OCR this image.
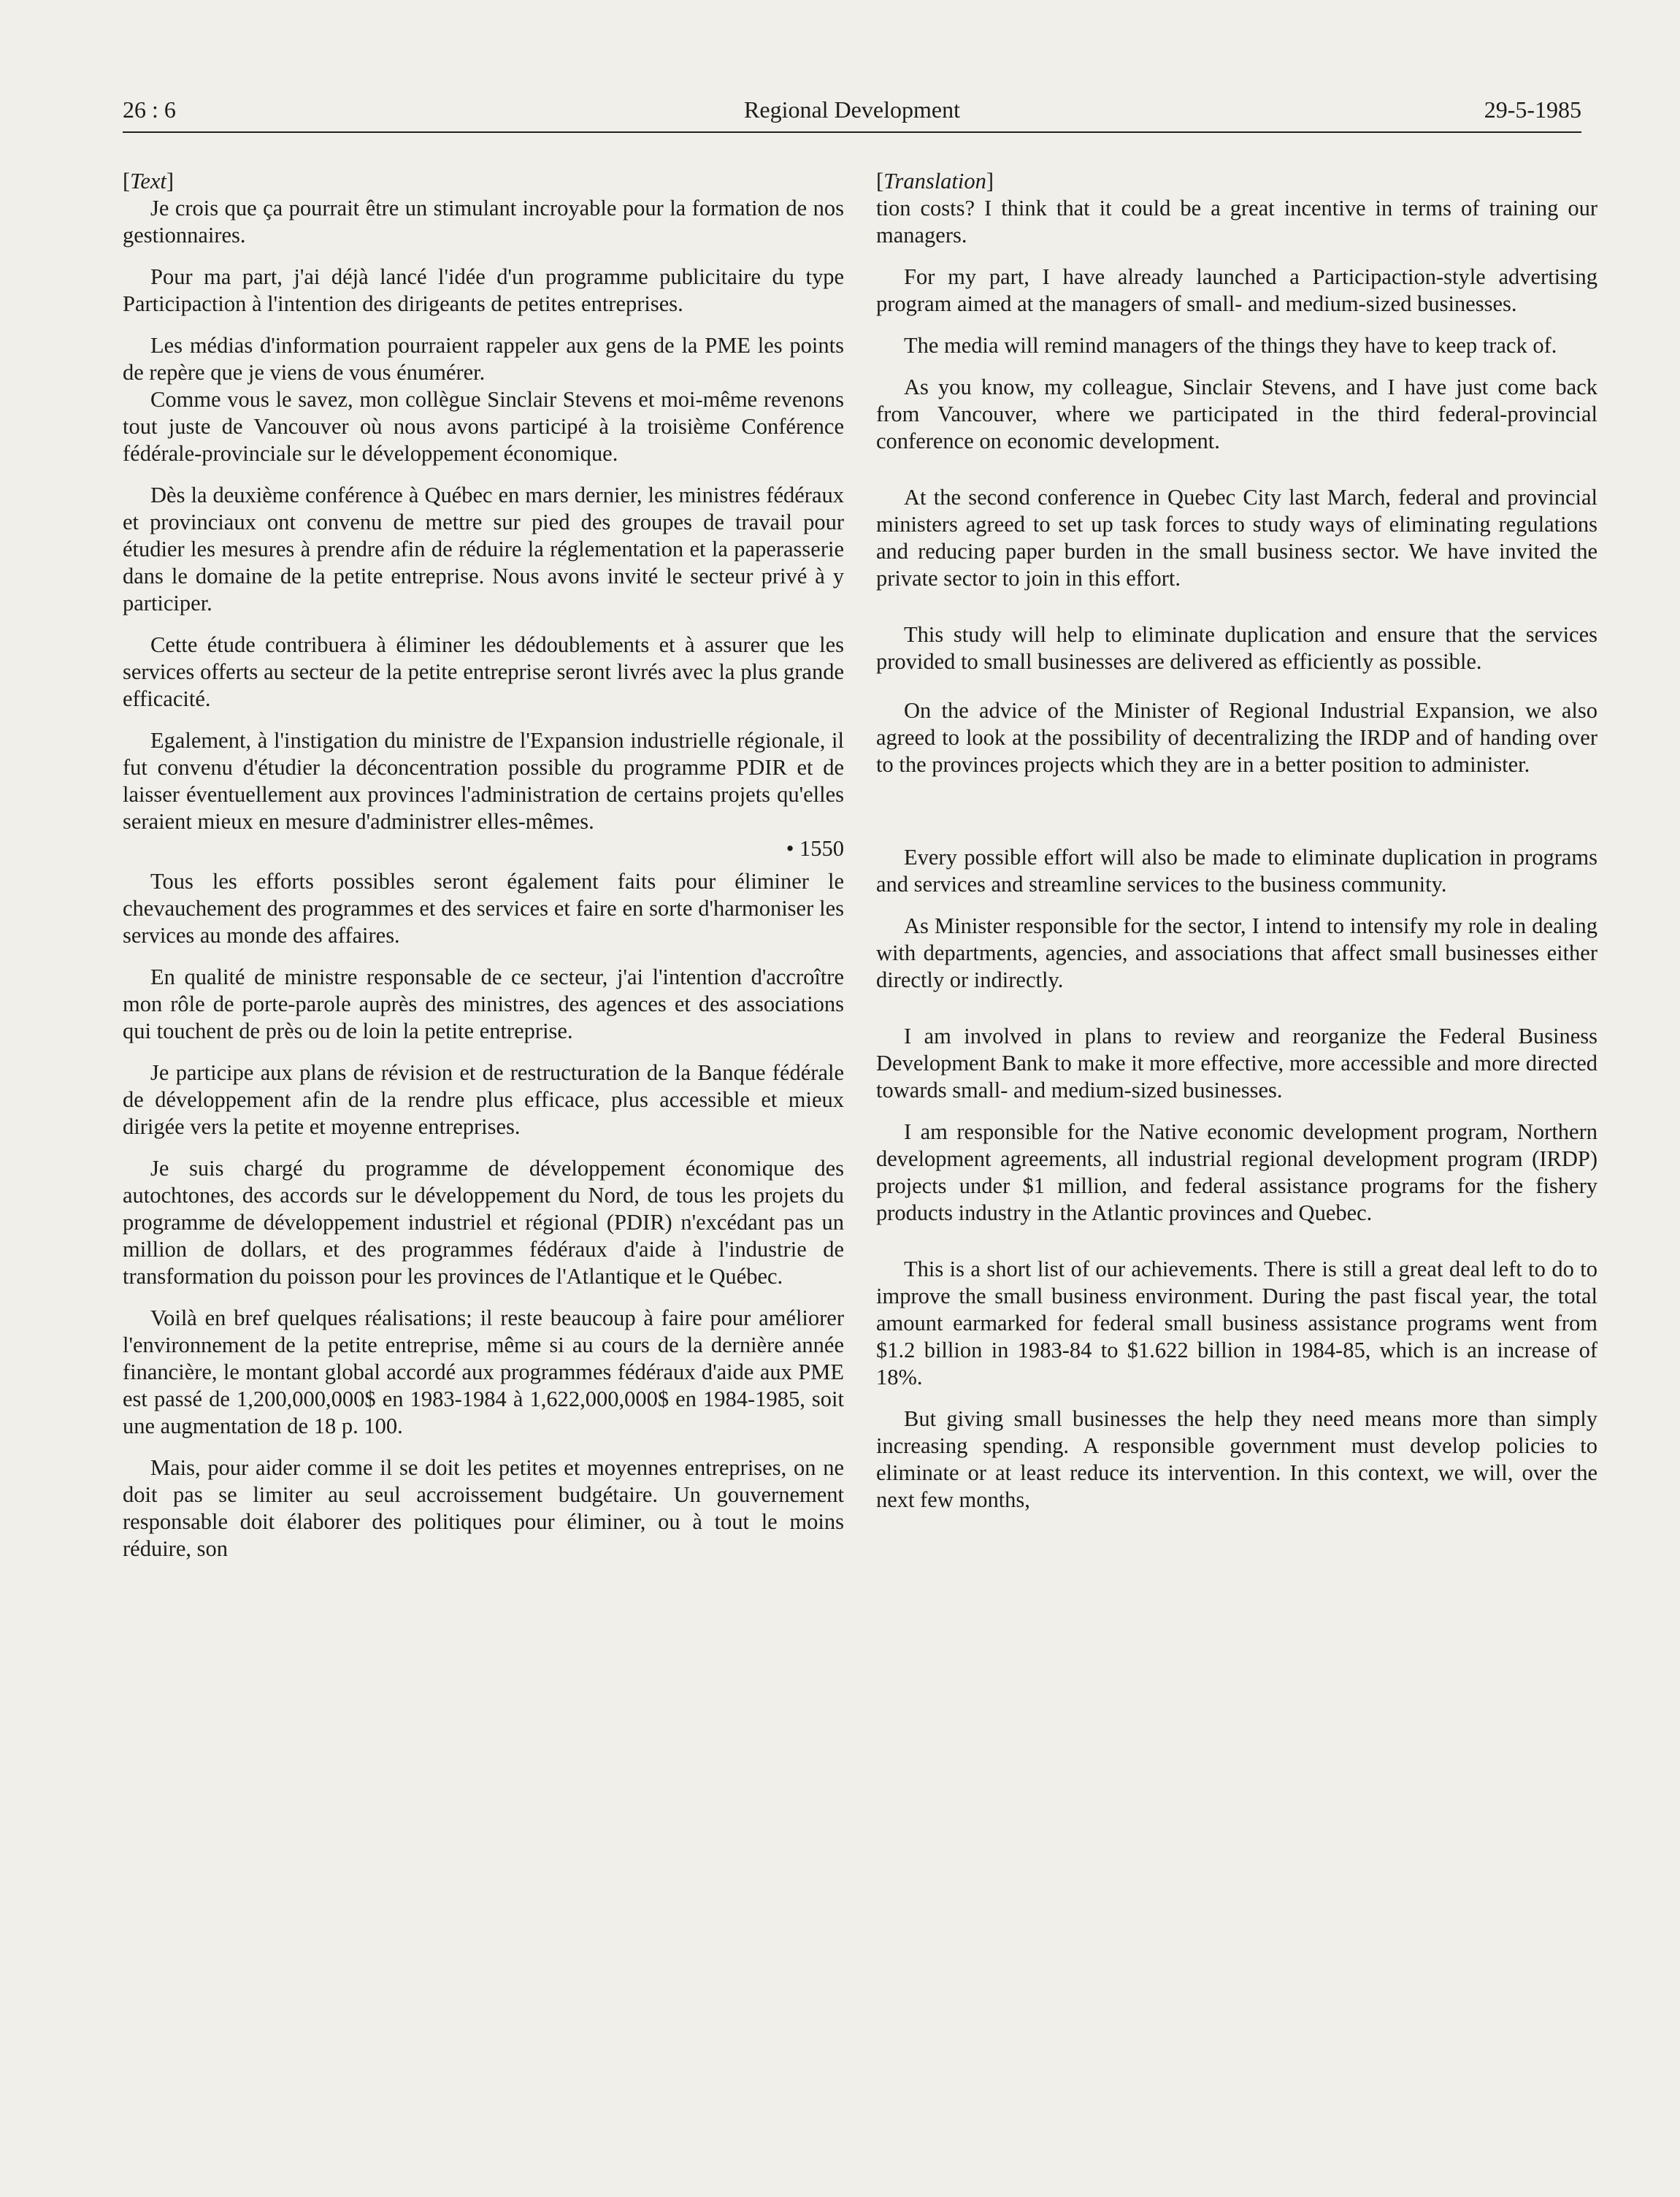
26 : 6	Regional Development	29-5-1985
[Text]

Je crois que ça pourrait être un stimulant incroyable pour la formation de nos gestionnaires.

Pour ma part, j'ai déjà lancé l'idée d'un programme publicitaire du type Participaction à l'intention des dirigeants de petites entreprises.

Les médias d'information pourraient rappeler aux gens de la PME les points de repère que je viens de vous énumérer.

Comme vous le savez, mon collègue Sinclair Stevens et moi-même revenons tout juste de Vancouver où nous avons participé à la troisième Conférence fédérale-provinciale sur le développement économique.

Dès la deuxième conférence à Québec en mars dernier, les ministres fédéraux et provinciaux ont convenu de mettre sur pied des groupes de travail pour étudier les mesures à prendre afin de réduire la réglementation et la paperasserie dans le domaine de la petite entreprise. Nous avons invité le secteur privé à y participer.

Cette étude contribuera à éliminer les dédoublements et à assurer que les services offerts au secteur de la petite entreprise seront livrés avec la plus grande efficacité.

Egalement, à l'instigation du ministre de l'Expansion industrielle régionale, il fut convenu d'étudier la déconcentration possible du programme PDIR et de laisser éventuellement aux provinces l'administration de certains projets qu'elles seraient mieux en mesure d'administrer elles-mêmes.

• 1550

Tous les efforts possibles seront également faits pour éliminer le chevauchement des programmes et des services et faire en sorte d'harmoniser les services au monde des affaires.

En qualité de ministre responsable de ce secteur, j'ai l'intention d'accroître mon rôle de porte-parole auprès des ministres, des agences et des associations qui touchent de près ou de loin la petite entreprise.

Je participe aux plans de révision et de restructuration de la Banque fédérale de développement afin de la rendre plus efficace, plus accessible et mieux dirigée vers la petite et moyenne entreprises.

Je suis chargé du programme de développement économique des autochtones, des accords sur le développement du Nord, de tous les projets du programme de développement industriel et régional (PDIR) n'excédant pas un million de dollars, et des programmes fédéraux d'aide à l'industrie de transformation du poisson pour les provinces de l'Atlantique et le Québec.

Voilà en bref quelques réalisations; il reste beaucoup à faire pour améliorer l'environnement de la petite entreprise, même si au cours de la dernière année financière, le montant global accordé aux programmes fédéraux d'aide aux PME est passé de 1,200,000,000$ en 1983-1984 à 1,622,000,000$ en 1984-1985, soit une augmentation de 18 p. 100.

Mais, pour aider comme il se doit les petites et moyennes entreprises, on ne doit pas se limiter au seul accroissement budgétaire. Un gouvernement responsable doit élaborer des politiques pour éliminer, ou à tout le moins réduire, son

[Translation]

tion costs? I think that it could be a great incentive in terms of training our managers.

For my part, I have already launched a Participaction-style advertising program aimed at the managers of small- and medium-sized businesses.

The media will remind managers of the things they have to keep track of.

As you know, my colleague, Sinclair Stevens, and I have just come back from Vancouver, where we participated in the third federal-provincial conference on economic development.

At the second conference in Quebec City last March, federal and provincial ministers agreed to set up task forces to study ways of eliminating regulations and reducing paper burden in the small business sector. We have invited the private sector to join in this effort.

This study will help to eliminate duplication and ensure that the services provided to small businesses are delivered as efficiently as possible.

On the advice of the Minister of Regional Industrial Expansion, we also agreed to look at the possibility of decentralizing the IRDP and of handing over to the provinces projects which they are in a better position to administer.

Every possible effort will also be made to eliminate duplication in programs and services and streamline services to the business community.

As Minister responsible for the sector, I intend to intensify my role in dealing with departments, agencies, and associations that affect small businesses either directly or indirectly.

I am involved in plans to review and reorganize the Federal Business Development Bank to make it more effective, more accessible and more directed towards small- and medium-sized businesses.

I am responsible for the Native economic development program, Northern development agreements, all industrial regional development program (IRDP) projects under $1 million, and federal assistance programs for the fishery products industry in the Atlantic provinces and Quebec.

This is a short list of our achievements. There is still a great deal left to do to improve the small business environment. During the past fiscal year, the total amount earmarked for federal small business assistance programs went from $1.2 billion in 1983-84 to $1.622 billion in 1984-85, which is an increase of 18%.

But giving small businesses the help they need means more than simply increasing spending. A responsible government must develop policies to eliminate or at least reduce its intervention. In this context, we will, over the next few months,
